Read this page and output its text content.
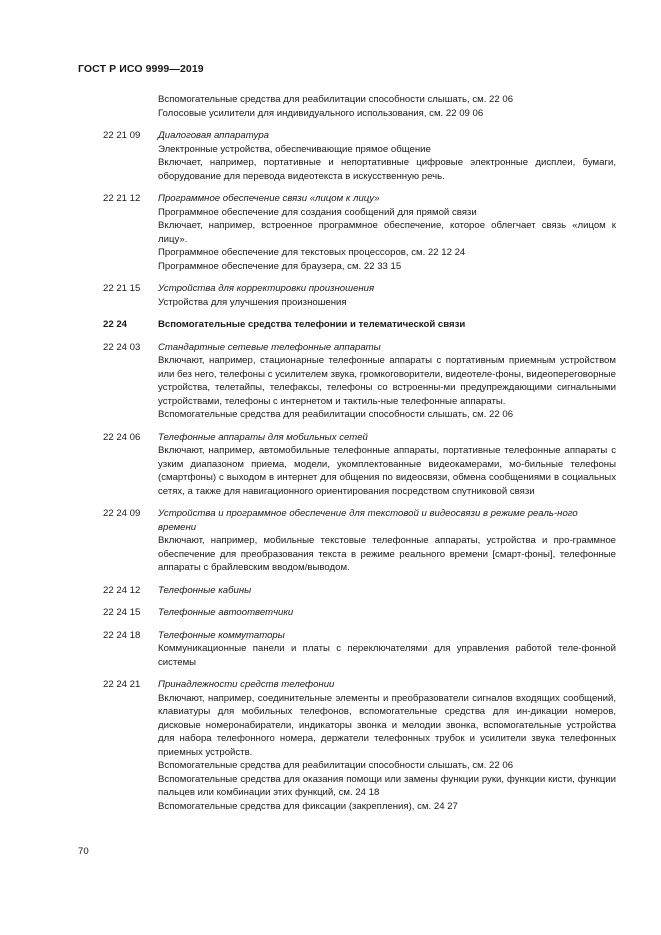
ГОСТ Р ИСО 9999—2019
Вспомогательные средства для реабилитации способности слышать, см. 22 06
Голосовые усилители для индивидуального использования, см. 22 09 06
22 21 09 Диалоговая аппаратура
Электронные устройства, обеспечивающие прямое общение
Включает, например, портативные и непортативные цифровые электронные дисплеи, бумаги, оборудование для перевода видеотекста в искусственную речь.
22 21 12 Программное обеспечение связи «лицом к лицу»
Программное обеспечение для создания сообщений для прямой связи
Включает, например, встроенное программное обеспечение, которое облегчает связь «лицом к лицу».
Программное обеспечение для текстовых процессоров, см. 22 12 24
Программное обеспечение для браузера, см. 22 33 15
22 21 15 Устройства для корректировки произношения
Устройства для улучшения произношения
22 24	Вспомогательные средства телефонии и телематической связи
22 24 03 Стандартные сетевые телефонные аппараты
Включают, например, стационарные телефонные аппараты с портативным приемным устройством или без него, телефоны с усилителем звука, громкоговорители, видеотеле-фоны, видеопереговорные устройства, телетайпы, телефаксы, телефоны со встроенны-ми предупреждающими сигнальными устройствами, телефоны с интернетом и тактиль-ные телефонные аппараты.
Вспомогательные средства для реабилитации способности слышать, см. 22 06
22 24 06 Телефонные аппараты для мобильных сетей
Включают, например, автомобильные телефонные аппараты, портативные телефонные аппараты с узким диапазоном приема, модели, укомплектованные видеокамерами, мо-бильные телефоны (смартфоны) с выходом в интернет для общения по видеосвязи, обмена сообщениями в социальных сетях, а также для навигационного ориентирования посредством спутниковой связи
22 24 09 Устройства и программное обеспечение для текстовой и видеосвязи в режиме реаль-ного времени
Включают, например, мобильные текстовые телефонные аппараты, устройства и про-граммное обеспечение для преобразования текста в режиме реального времени [смарт-фоны], телефонные аппараты с брайлевским вводом/выводом.
22 24 12 Телефонные кабины
22 24 15 Телефонные автоответчики
22 24 18 Телефонные коммутаторы
Коммуникационные панели и платы с переключателями для управления работой теле-фонной системы
22 24 21 Принадлежности средств телефонии
Включают, например, соединительные элементы и преобразователи сигналов входящих сообщений, клавиатуры для мобильных телефонов, вспомогательные средства для ин-дикации номеров, дисковые номеронабиратели, индикаторы звонка и мелодии звонка, вспомогательные устройства для набора телефонного номера, держатели телефонных трубок и усилители звука телефонных приемных устройств.
Вспомогательные средства для реабилитации способности слышать, см. 22 06
Вспомогательные средства для оказания помощи или замены функции руки, функции кисти, функции пальцев или комбинации этих функций, см. 24 18
Вспомогательные средства для фиксации (закрепления), см. 24 27
70
